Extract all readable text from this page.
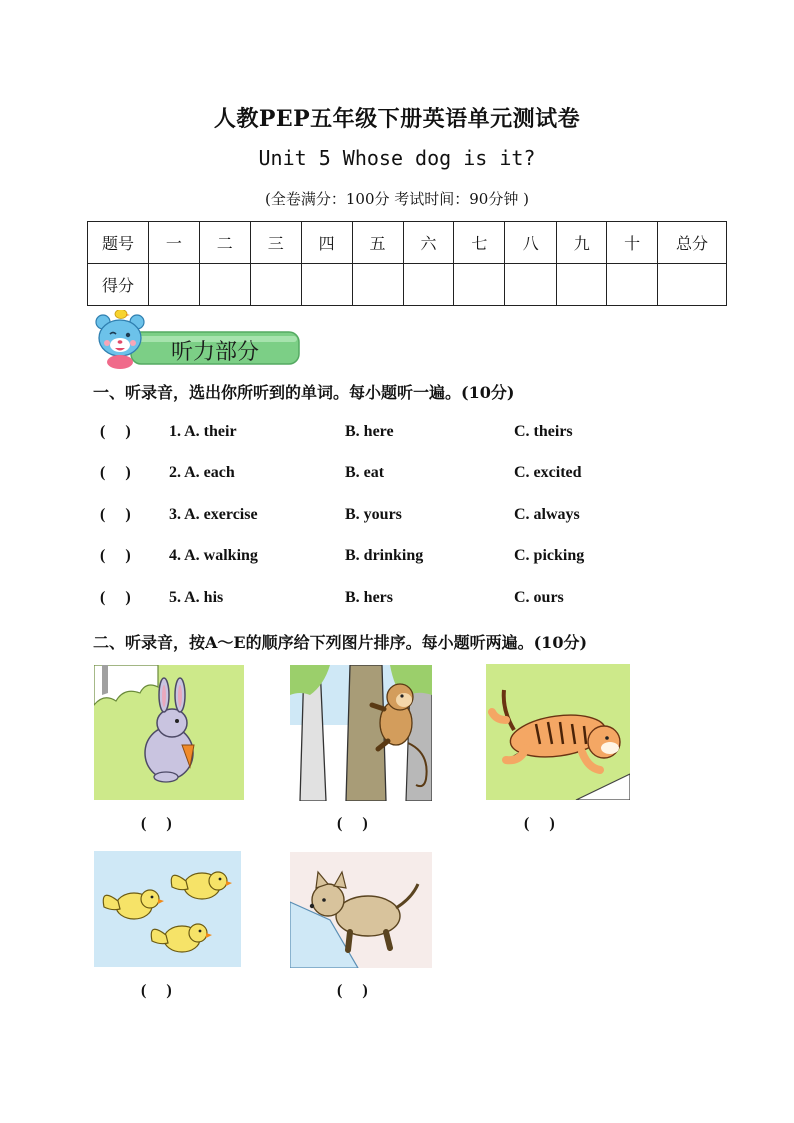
人教PEP五年级下册英语单元测试卷
Unit 5 Whose dog is it?
(全卷满分：100分 考试时间：90分钟 )
题号	一	二	三	四	五	六	七	八	九	十	总分
得分											
听力部分
一、听录音，选出你所听到的单词。每小题听一遍。(10分)
(     ) 1. A. their	B. here	C. theirs
(     ) 2. A. each	B. eat	C. excited
(     ) 3. A. exercise	B. yours	C. always
(     ) 4. A. walking	B. drinking	C. picking
(     ) 5. A. his	B. hers	C. ours
二、听录音，按A～E的顺序给下列图片排序。每小题听两遍。(10分)
(     )	(     )	(     )
(     )	(     )
